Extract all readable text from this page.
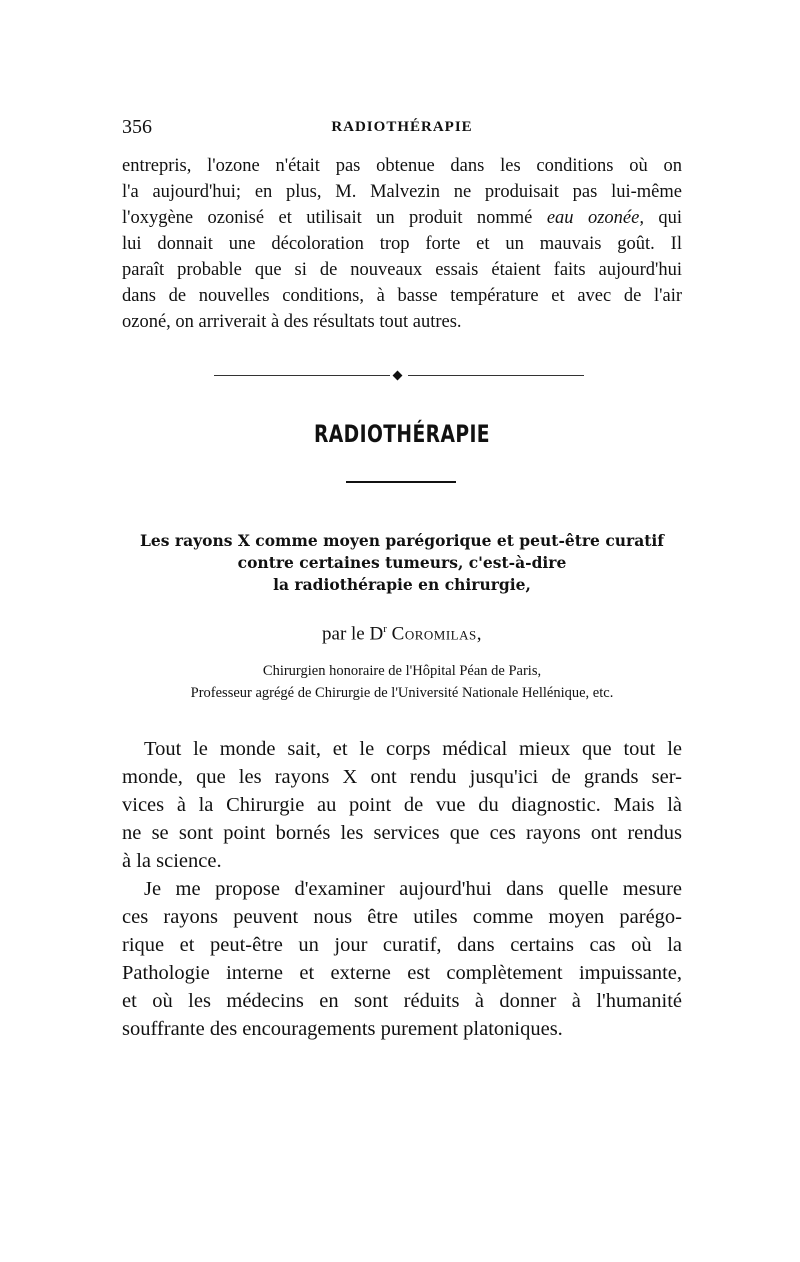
356	RADIOTHÉRAPIE
entrepris, l'ozone n'était pas obtenue dans les conditions où on
l'a aujourd'hui; en plus, M. Malvezin ne produisait pas lui-même
l'oxygène ozonisé et utilisait un produit nommé eau ozonée, qui
lui donnait une décoloration trop forte et un mauvais goût. Il
paraît probable que si de nouveaux essais étaient faits aujourd'hui
dans de nouvelles conditions, à basse température et avec de l'air
ozoné, on arriverait à des résultats tout autres.
RADIOTHÉRAPIE
Les rayons X comme moyen parégorique et peut-être curatif
contre certaines tumeurs, c'est-à-dire
la radiothérapie en chirurgie,
par le $D^r$ Coromilas,
Chirurgien honoraire de l'Hôpital Péan de Paris,
Professeur agrégé de Chirurgie de l'Université Nationale Hellénique, etc.
Tout le monde sait, et le corps médical mieux que tout le
monde, que les rayons X ont rendu jusqu'ici de grands ser-
vices à la Chirurgie au point de vue du diagnostic. Mais là
ne se sont point bornés les services que ces rayons ont rendus
à la science.
Je me propose d'examiner aujourd'hui dans quelle mesure
ces rayons peuvent nous être utiles comme moyen parégo-
rique et peut-être un jour curatif, dans certains cas où la
Pathologie interne et externe est complètement impuissante,
et où les médecins en sont réduits à donner à l'humanité
souffrante des encouragements purement platoniques.
